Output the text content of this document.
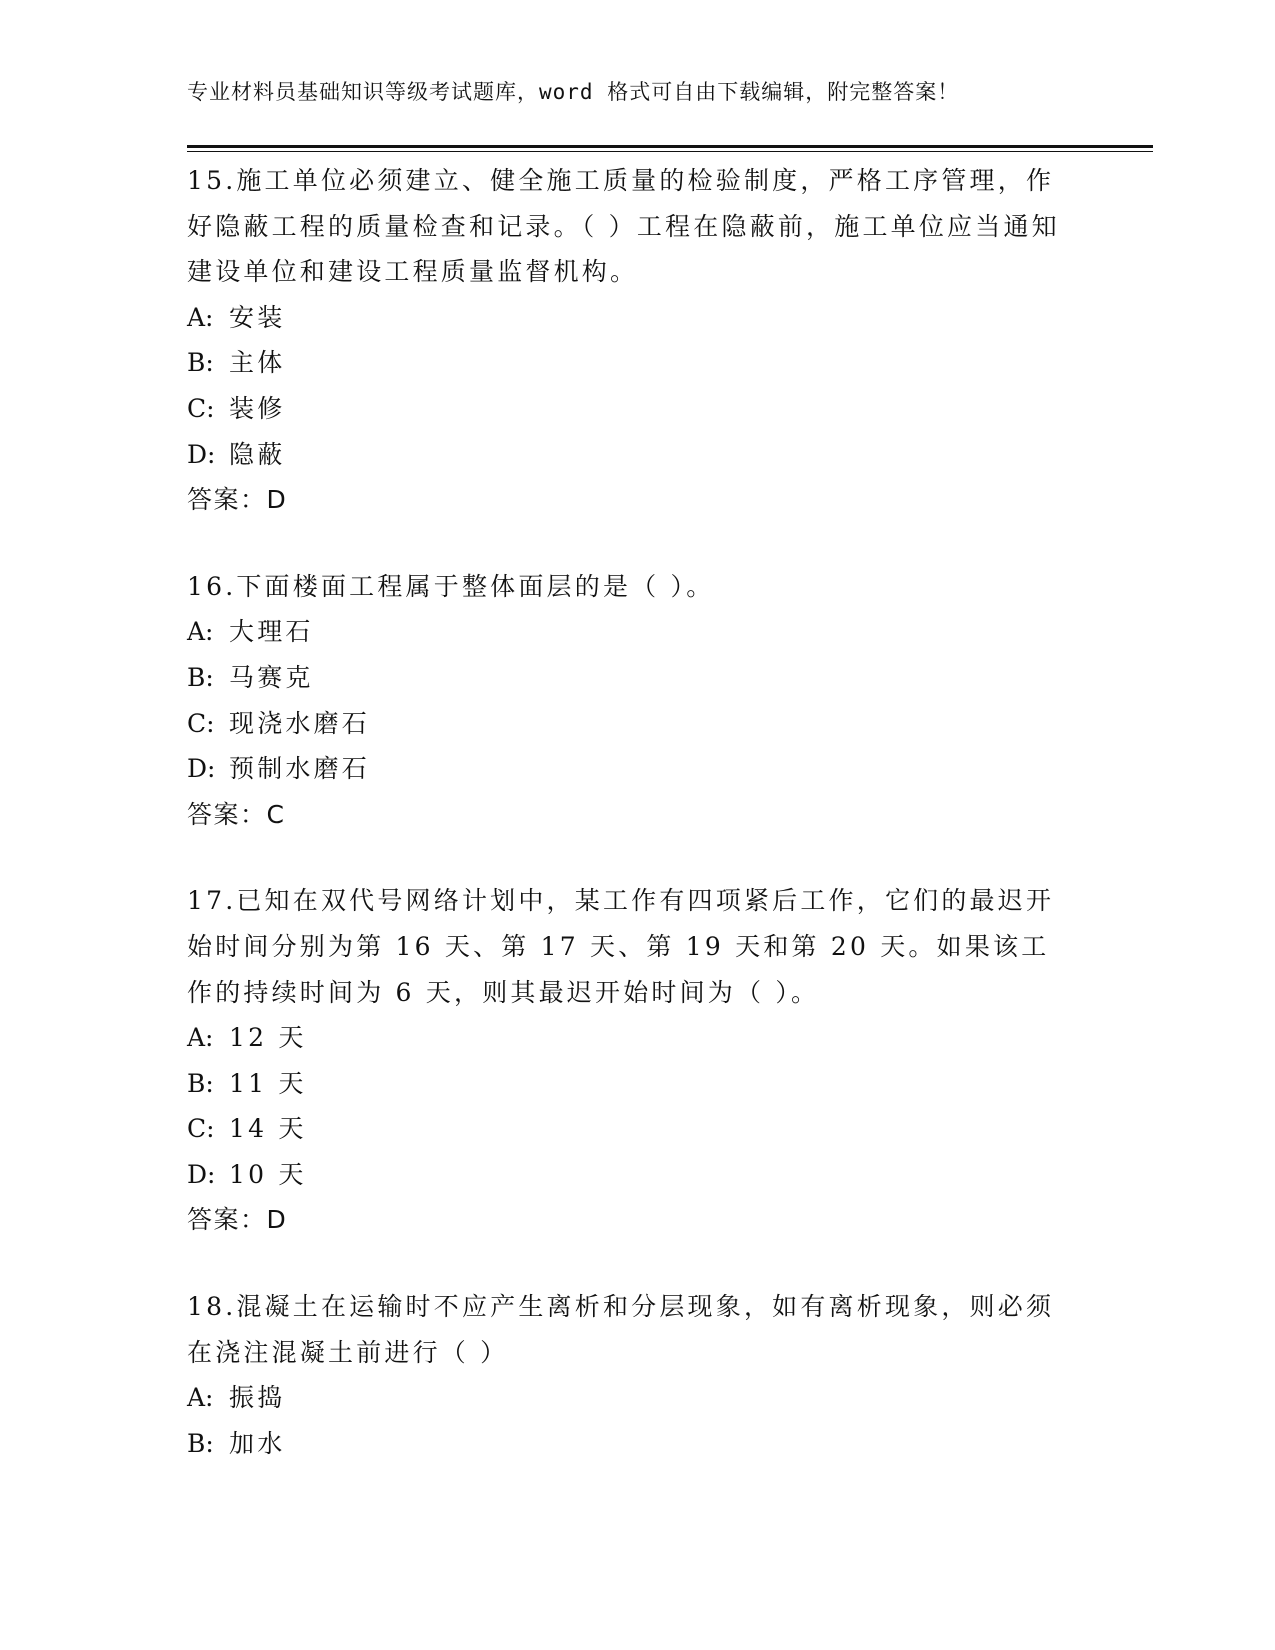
专业材料员基础知识等级考试题库，word 格式可自由下载编辑，附完整答案！

15.施工单位必须建立、健全施工质量的检验制度，严格工序管理，作好隐蔽工程的质量检查和记录。（ ）工程在隐蔽前，施工单位应当通知建设单位和建设工程质量监督机构。

A: 安装
B: 主体
C: 装修
D: 隐蔽

答案：D

16.下面楼面工程属于整体面层的是（ ）。

A: 大理石
B: 马赛克
C: 现浇水磨石
D: 预制水磨石

答案：C

17.已知在双代号网络计划中，某工作有四项紧后工作，它们的最迟开始时间分别为第 16 天、第 17 天、第 19 天和第 20 天。如果该工作的持续时间为 6 天，则其最迟开始时间为（ ）。

A: 12 天
B: 11 天
C: 14 天
D: 10 天

答案：D

18.混凝土在运输时不应产生离析和分层现象，如有离析现象，则必须在浇注混凝土前进行（ ）

A: 振捣
B: 加水
